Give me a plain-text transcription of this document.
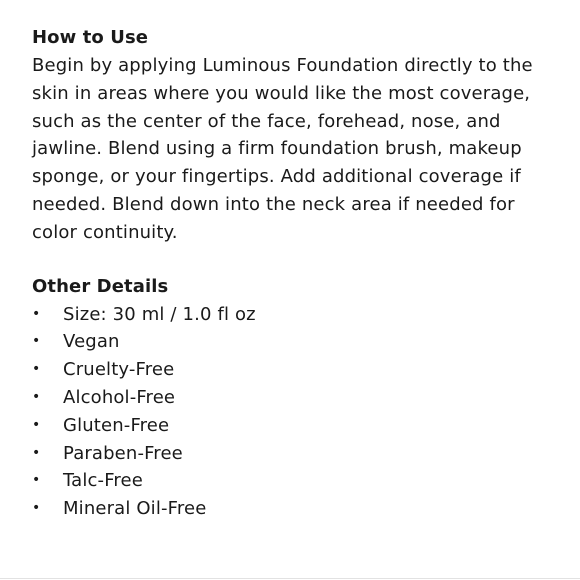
How to Use

Begin by applying Luminous Foundation directly to the skin in areas where you would like the most coverage, such as the center of the face, forehead, nose, and jawline. Blend using a firm foundation brush, makeup sponge, or your fingertips. Add additional coverage if needed. Blend down into the neck area if needed for color continuity.

Other Details
• Size: 30 ml / 1.0 fl oz
• Vegan
• Cruelty-Free
• Alcohol-Free
• Gluten-Free
• Paraben-Free
• Talc-Free
• Mineral Oil-Free
